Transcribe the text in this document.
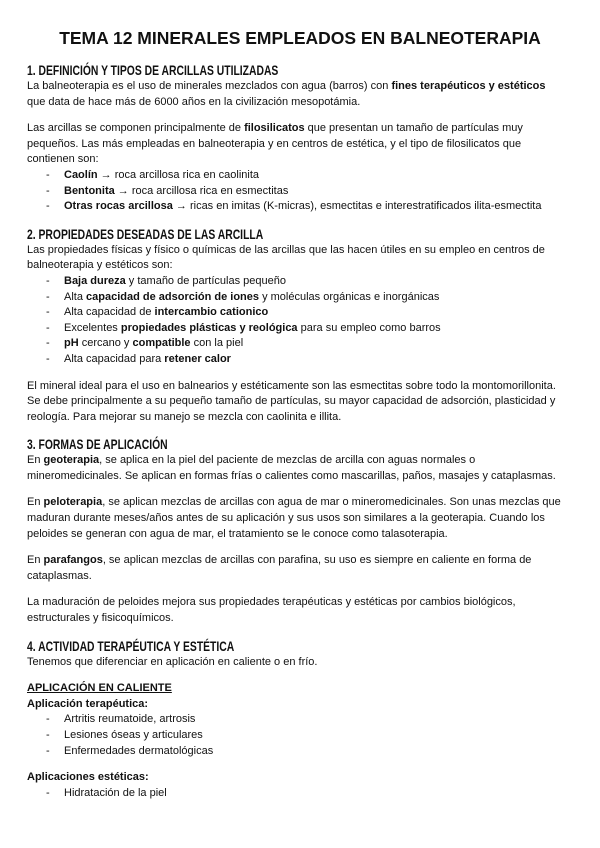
TEMA 12 MINERALES EMPLEADOS EN BALNEOTERAPIA
1. DEFINICIÓN Y TIPOS DE ARCILLAS UTILIZADAS
La balneoterapia es el uso de minerales mezclados con agua (barros) con fines terapéuticos y estéticos
que data de hace más de 6000 años en la civilización mesopotámia.
Las arcillas se componen principalmente de filosilicatos que presentan un tamaño de partículas muy
pequeños. Las más empleadas en balneoterapia y en centros de estética, y el tipo de filosilicatos que
contienen son:
- Caolín → roca arcillosa rica en caolinita
- Bentonita → roca arcillosa rica en esmectitas
- Otras rocas arcillosa → ricas en imitas (K-micras), esmectitas e interestratificados ilita-esmectita
2. PROPIEDADES DESEADAS DE LAS ARCILLA
Las propiedades físicas y físico o químicas de las arcillas que las hacen útiles en su empleo en centros de
balneoterapia y estéticos son:
- Baja dureza y tamaño de partículas pequeño
- Alta capacidad de adsorción de iones y moléculas orgánicas e inorgánicas
- Alta capacidad de intercambio cationico
- Excelentes propiedades plásticas y reológica para su empleo como barros
- pH cercano y compatible con la piel
- Alta capacidad para retener calor
El mineral ideal para el uso en balnearios y estéticamente son las esmectitas sobre todo la montomorillonita.
Se debe principalmente a su pequeño tamaño de partículas, su mayor capacidad de adsorción, plasticidad y
reología. Para mejorar su manejo se mezcla con caolinita e illita.
3. FORMAS DE APLICACIÓN
En geoterapia, se aplica en la piel del paciente de mezclas de arcilla con aguas normales o
mineromedicinales. Se aplican en formas frías o calientes como mascarillas, paños, masajes y cataplasmas.
En peloterapia, se aplican mezclas de arcillas con agua de mar o mineromedicinales. Son unas mezclas que
maduran durante meses/años antes de su aplicación y sus usos son similares a la geoterapia. Cuando los
peloides se generan con agua de mar, el tratamiento se le conoce como talasoterapia.
En parafangos, se aplican mezclas de arcillas con parafina, su uso es siempre en caliente en forma de
cataplasmas.
La maduración de peloides mejora sus propiedades terapéuticas y estéticas por cambios biológicos,
estructurales y fisicoquímicos.
4. ACTIVIDAD TERAPÉUTICA Y ESTÉTICA
Tenemos que diferenciar en aplicación en caliente o en frío.
APLICACIÓN EN CALIENTE
Aplicación terapéutica:
- Artritis reumatoide, artrosis
- Lesiones óseas y articulares
- Enfermedades dermatológicas
Aplicaciones estéticas:
- Hidratación de la piel
